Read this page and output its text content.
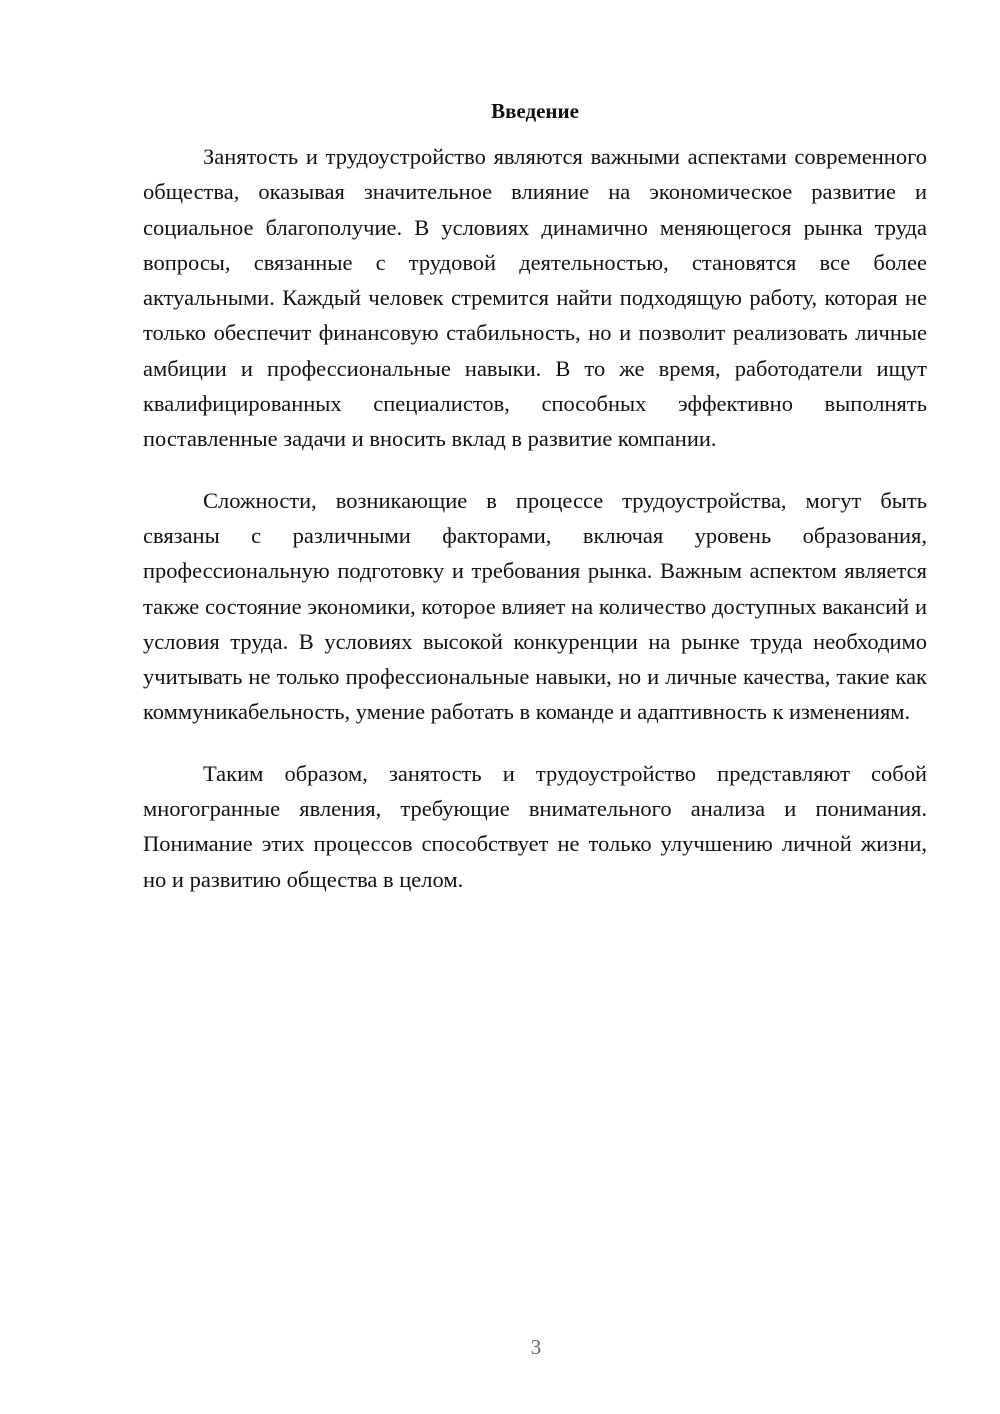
Введение

Занятость и трудоустройство являются важными аспектами современного общества, оказывая значительное влияние на экономическое развитие и социальное благополучие. В условиях динамично меняющегося рынка труда вопросы, связанные с трудовой деятельностью, становятся все более актуальными. Каждый человек стремится найти подходящую работу, которая не только обеспечит финансовую стабильность, но и позволит реализовать личные амбиции и профессиональные навыки. В то же время, работодатели ищут квалифицированных специалистов, способных эффективно выполнять поставленные задачи и вносить вклад в развитие компании.

Сложности, возникающие в процессе трудоустройства, могут быть связаны с различными факторами, включая уровень образования, профессиональную подготовку и требования рынка. Важным аспектом является также состояние экономики, которое влияет на количество доступных вакансий и условия труда. В условиях высокой конкуренции на рынке труда необходимо учитывать не только профессиональные навыки, но и личные качества, такие как коммуникабельность, умение работать в команде и адаптивность к изменениям.

Таким образом, занятость и трудоустройство представляют собой многогранные явления, требующие внимательного анализа и понимания. Понимание этих процессов способствует не только улучшению личной жизни, но и развитию общества в целом.

3
